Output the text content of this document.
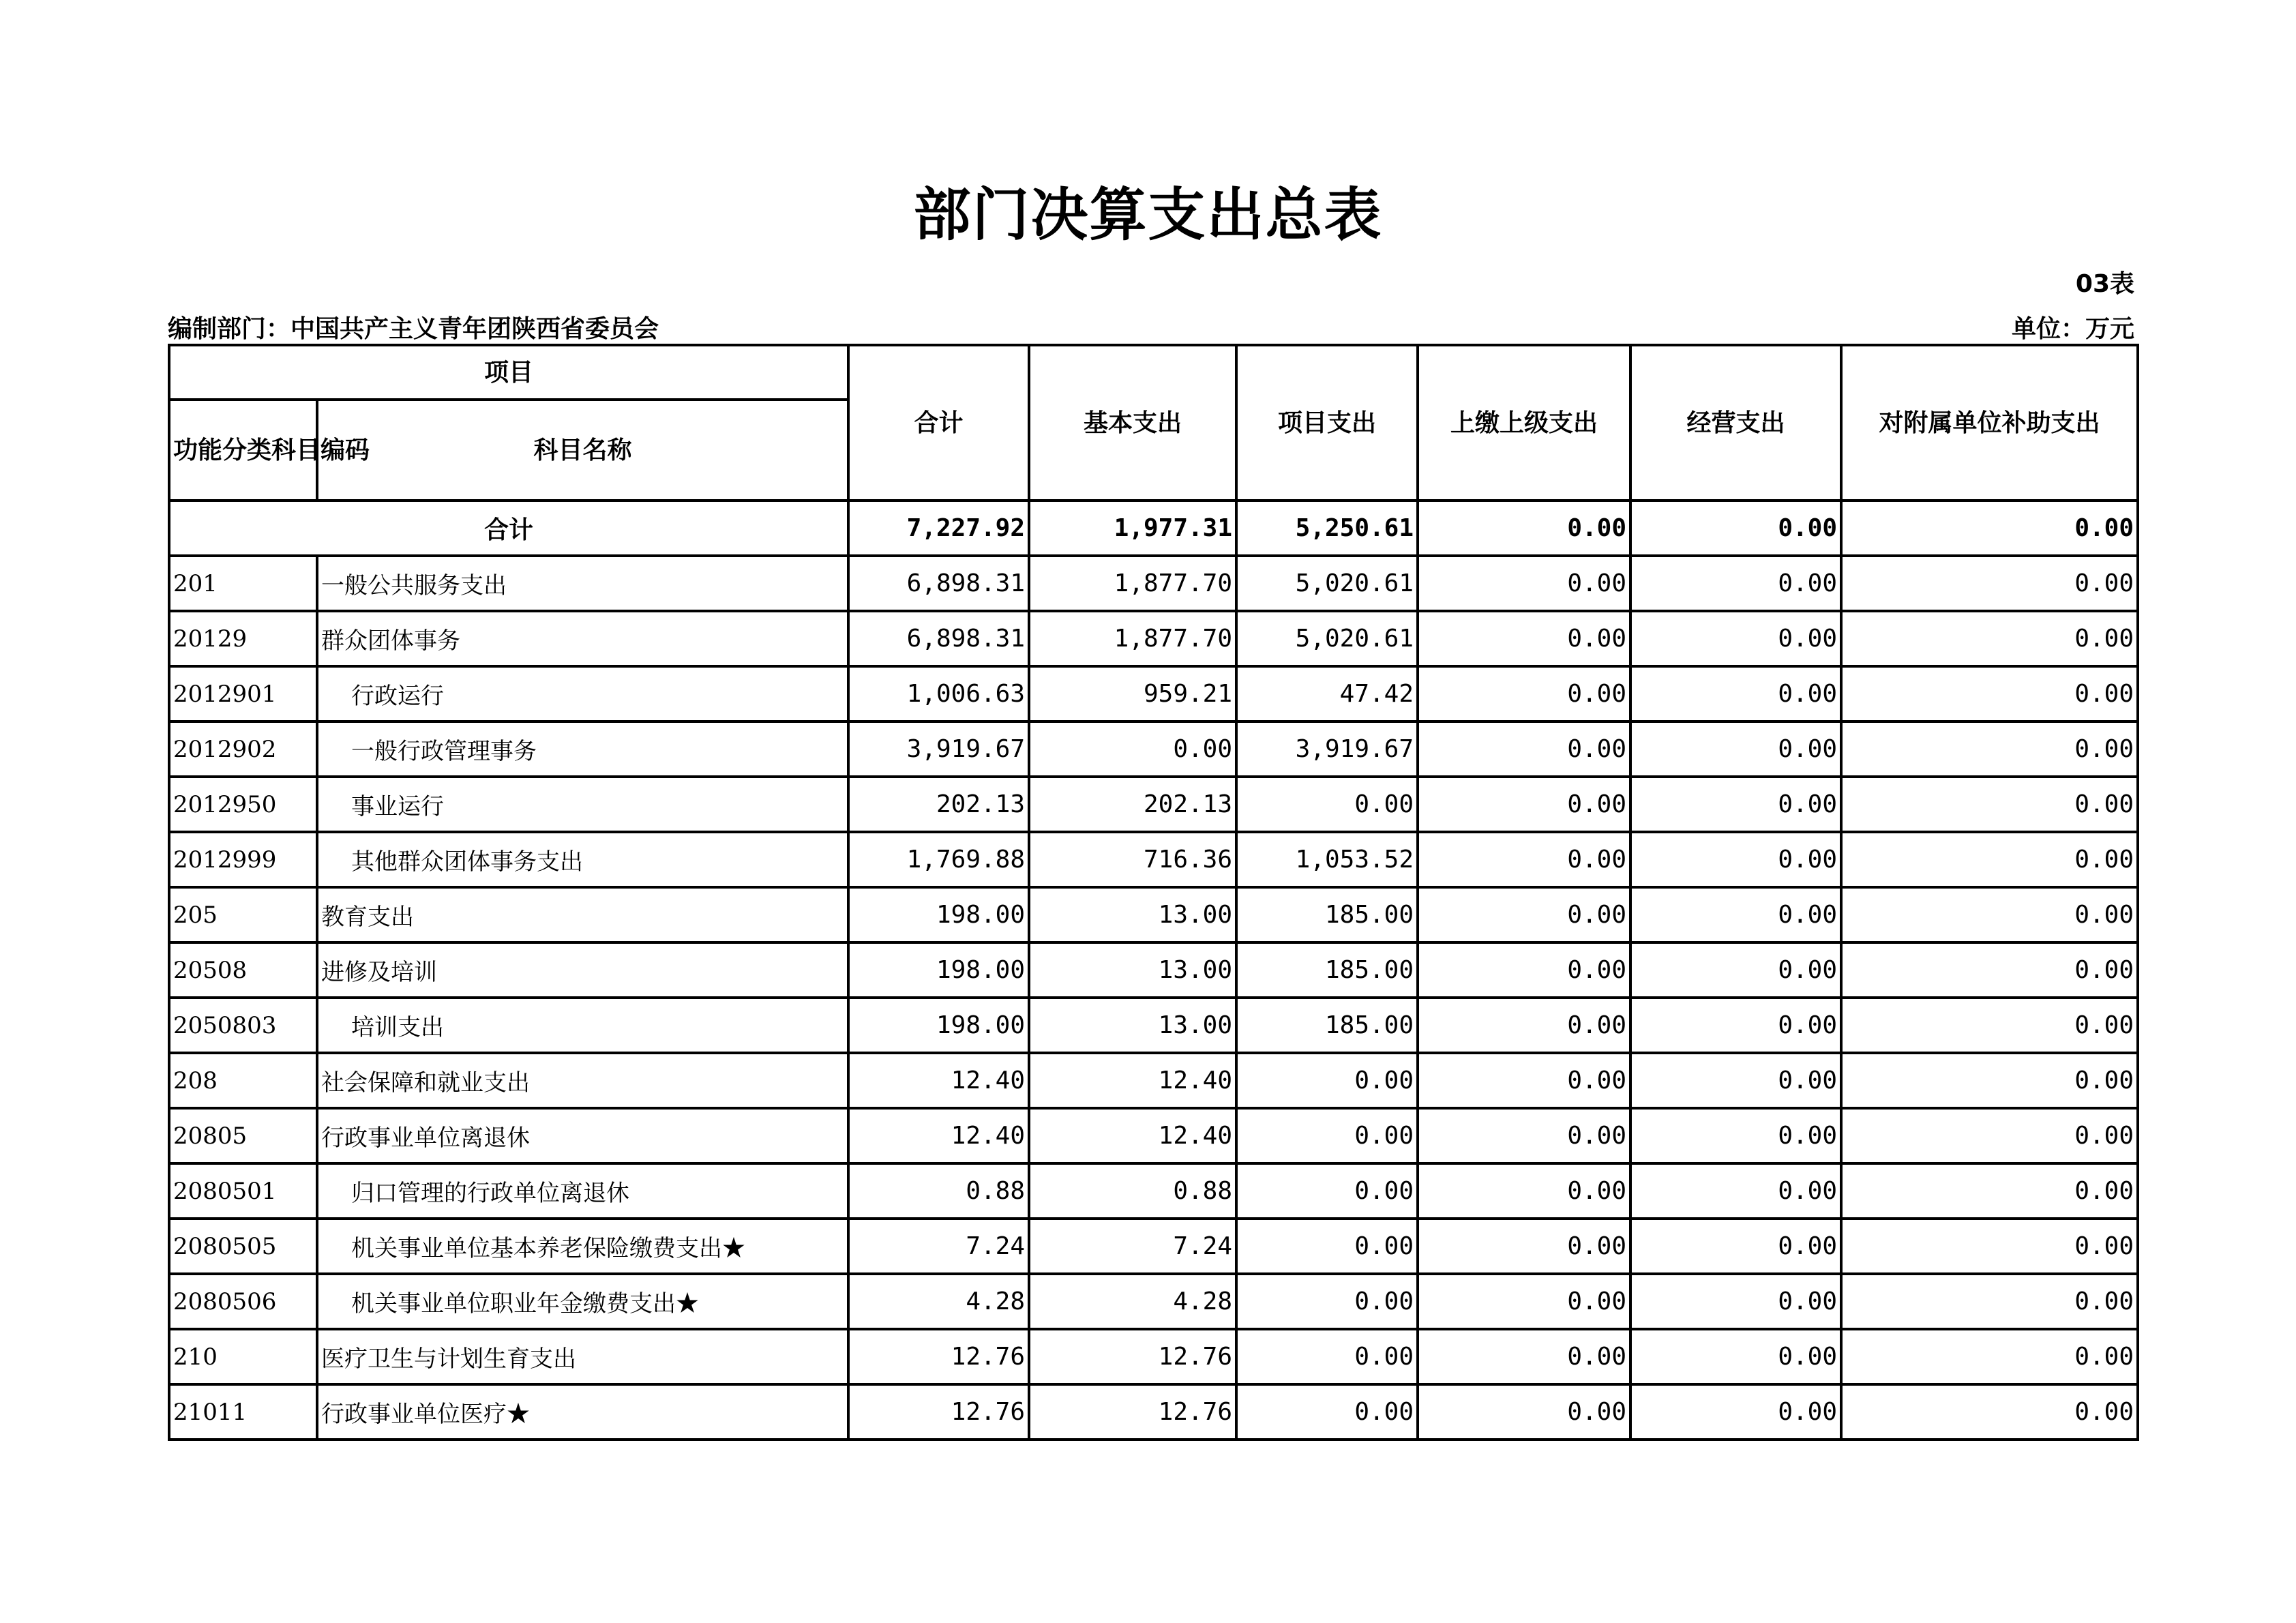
部门决算支出总表
03表
编制部门：中国共产主义青年团陕西省委员会	单位：万元
项目		合计	基本支出	项目支出	上缴上级支出	经营支出	对附属单位补助支出
功能分类科目编码	科目名称						
合计		7,227.92	1,977.31	5,250.61	0.00	0.00	0.00
201	一般公共服务支出	6,898.31	1,877.70	5,020.61	0.00	0.00	0.00
20129	群众团体事务	6,898.31	1,877.70	5,020.61	0.00	0.00	0.00
2012901	行政运行	1,006.63	959.21	47.42	0.00	0.00	0.00
2012902	一般行政管理事务	3,919.67	0.00	3,919.67	0.00	0.00	0.00
2012950	事业运行	202.13	202.13	0.00	0.00	0.00	0.00
2012999	其他群众团体事务支出	1,769.88	716.36	1,053.52	0.00	0.00	0.00
205	教育支出	198.00	13.00	185.00	0.00	0.00	0.00
20508	进修及培训	198.00	13.00	185.00	0.00	0.00	0.00
2050803	培训支出	198.00	13.00	185.00	0.00	0.00	0.00
208	社会保障和就业支出	12.40	12.40	0.00	0.00	0.00	0.00
20805	行政事业单位离退休	12.40	12.40	0.00	0.00	0.00	0.00
2080501	归口管理的行政单位离退休	0.88	0.88	0.00	0.00	0.00	0.00
2080505	机关事业单位基本养老保险缴费支出★	7.24	7.24	0.00	0.00	0.00	0.00
2080506	机关事业单位职业年金缴费支出★	4.28	4.28	0.00	0.00	0.00	0.00
210	医疗卫生与计划生育支出	12.76	12.76	0.00	0.00	0.00	0.00
21011	行政事业单位医疗★	12.76	12.76	0.00	0.00	0.00	0.00
